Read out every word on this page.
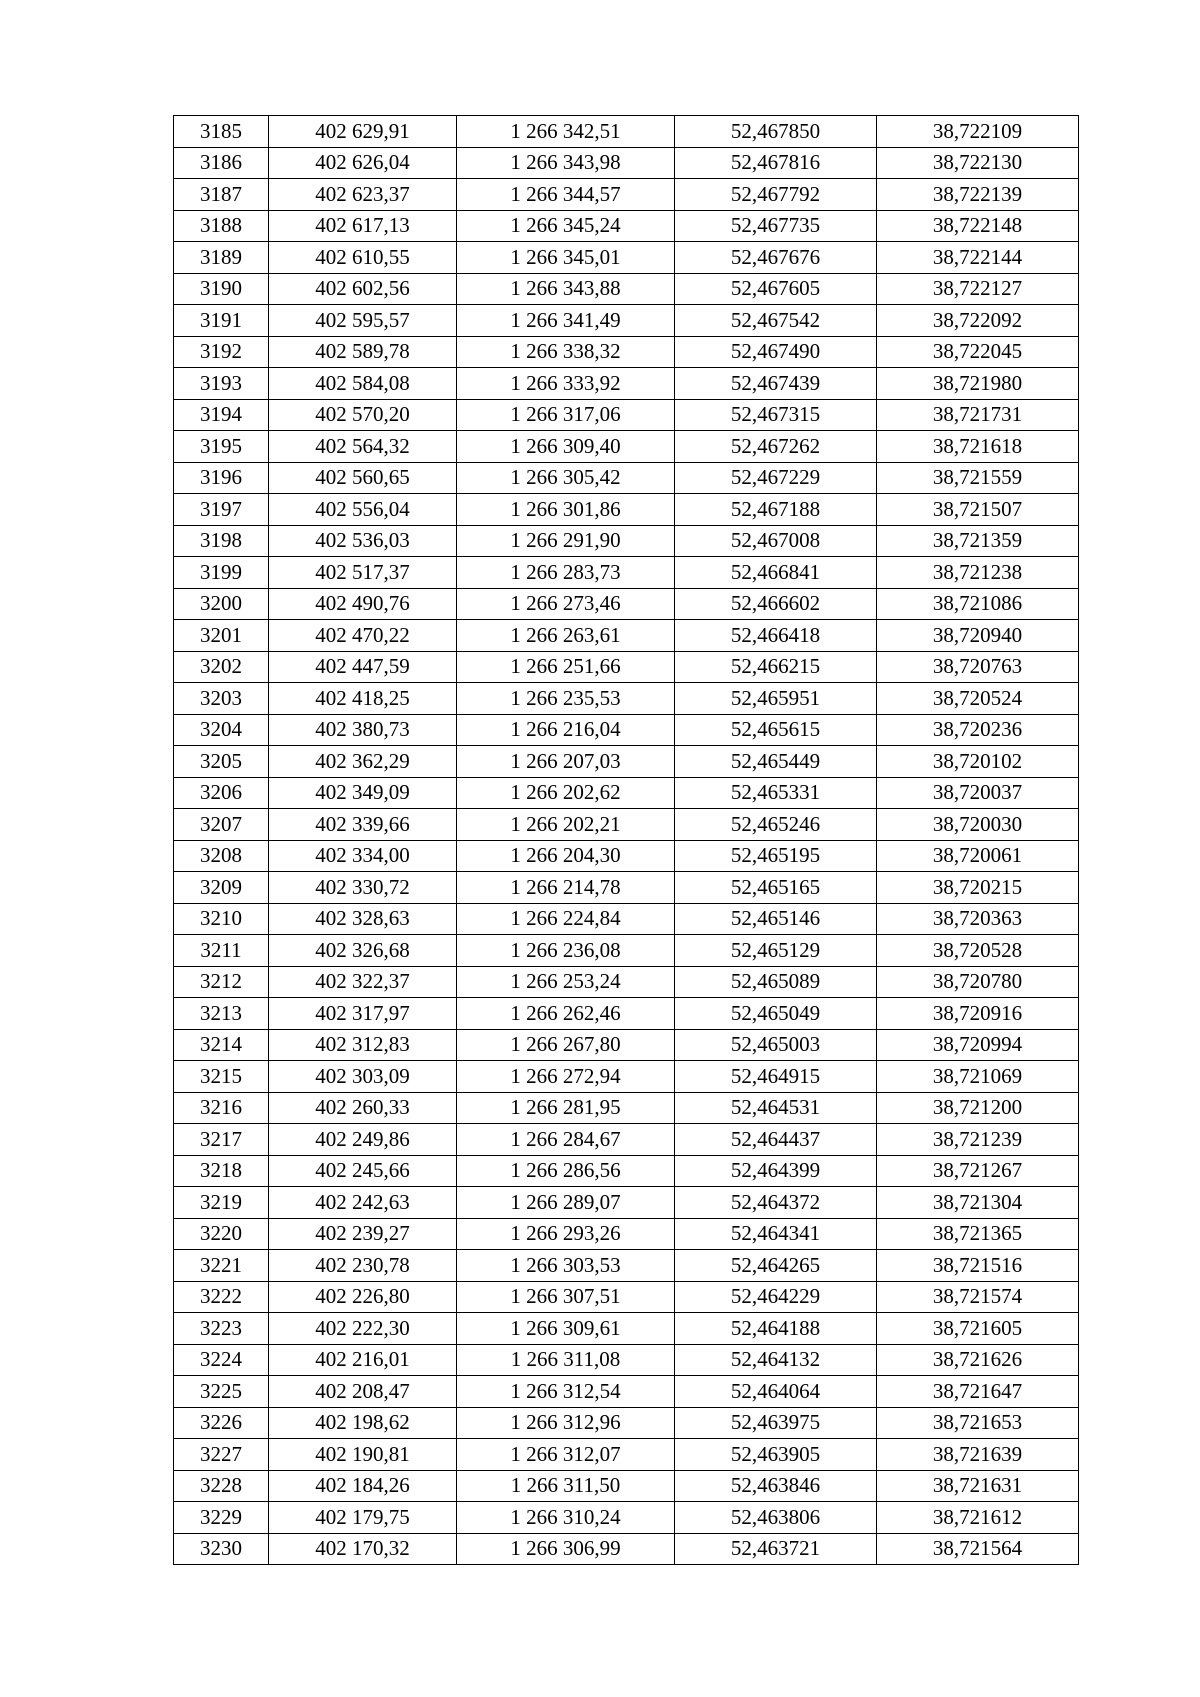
3185	402 629,91	1 266 342,51	52,467850	38,722109
3186	402 626,04	1 266 343,98	52,467816	38,722130
3187	402 623,37	1 266 344,57	52,467792	38,722139
3188	402 617,13	1 266 345,24	52,467735	38,722148
3189	402 610,55	1 266 345,01	52,467676	38,722144
3190	402 602,56	1 266 343,88	52,467605	38,722127
3191	402 595,57	1 266 341,49	52,467542	38,722092
3192	402 589,78	1 266 338,32	52,467490	38,722045
3193	402 584,08	1 266 333,92	52,467439	38,721980
3194	402 570,20	1 266 317,06	52,467315	38,721731
3195	402 564,32	1 266 309,40	52,467262	38,721618
3196	402 560,65	1 266 305,42	52,467229	38,721559
3197	402 556,04	1 266 301,86	52,467188	38,721507
3198	402 536,03	1 266 291,90	52,467008	38,721359
3199	402 517,37	1 266 283,73	52,466841	38,721238
3200	402 490,76	1 266 273,46	52,466602	38,721086
3201	402 470,22	1 266 263,61	52,466418	38,720940
3202	402 447,59	1 266 251,66	52,466215	38,720763
3203	402 418,25	1 266 235,53	52,465951	38,720524
3204	402 380,73	1 266 216,04	52,465615	38,720236
3205	402 362,29	1 266 207,03	52,465449	38,720102
3206	402 349,09	1 266 202,62	52,465331	38,720037
3207	402 339,66	1 266 202,21	52,465246	38,720030
3208	402 334,00	1 266 204,30	52,465195	38,720061
3209	402 330,72	1 266 214,78	52,465165	38,720215
3210	402 328,63	1 266 224,84	52,465146	38,720363
3211	402 326,68	1 266 236,08	52,465129	38,720528
3212	402 322,37	1 266 253,24	52,465089	38,720780
3213	402 317,97	1 266 262,46	52,465049	38,720916
3214	402 312,83	1 266 267,80	52,465003	38,720994
3215	402 303,09	1 266 272,94	52,464915	38,721069
3216	402 260,33	1 266 281,95	52,464531	38,721200
3217	402 249,86	1 266 284,67	52,464437	38,721239
3218	402 245,66	1 266 286,56	52,464399	38,721267
3219	402 242,63	1 266 289,07	52,464372	38,721304
3220	402 239,27	1 266 293,26	52,464341	38,721365
3221	402 230,78	1 266 303,53	52,464265	38,721516
3222	402 226,80	1 266 307,51	52,464229	38,721574
3223	402 222,30	1 266 309,61	52,464188	38,721605
3224	402 216,01	1 266 311,08	52,464132	38,721626
3225	402 208,47	1 266 312,54	52,464064	38,721647
3226	402 198,62	1 266 312,96	52,463975	38,721653
3227	402 190,81	1 266 312,07	52,463905	38,721639
3228	402 184,26	1 266 311,50	52,463846	38,721631
3229	402 179,75	1 266 310,24	52,463806	38,721612
3230	402 170,32	1 266 306,99	52,463721	38,721564
